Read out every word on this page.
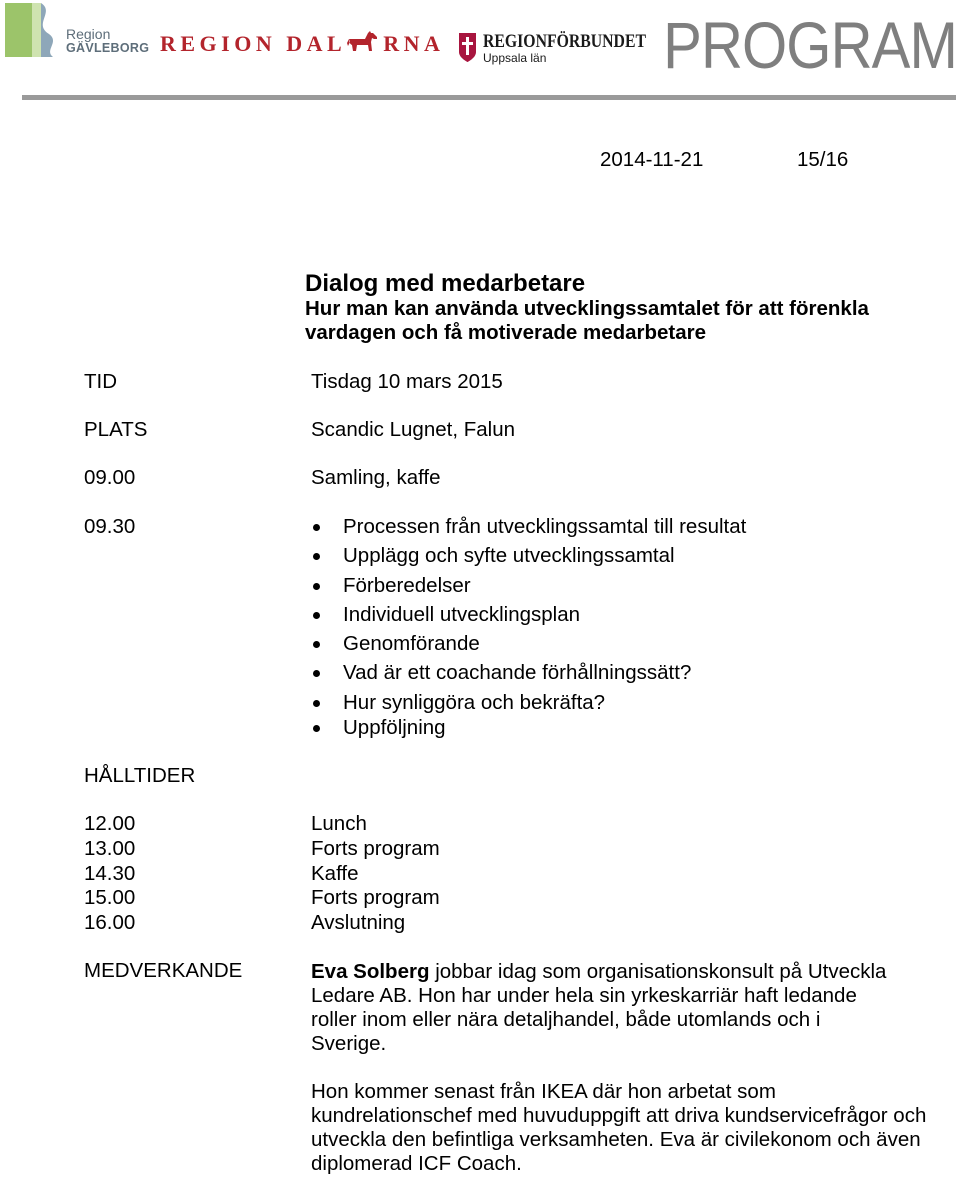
Region
GÄVLEBORG REGION DAL RNA REGIONFÖRBUNDET
Uppsala län PROGRAM
2014-11-21	15/16
Dialog med medarbetare
Hur man kan använda utvecklingssamtalet för att förenkla
vardagen och få motiverade medarbetare
TID	Tisdag 10 mars 2015
PLATS	Scandic Lugnet, Falun
09.00	Samling, kaffe
09.30	Processen från utvecklingssamtal till resultat
Upplägg och syfte utvecklingssamtal
Förberedelser
Individuell utvecklingsplan
Genomförande
Vad är ett coachande förhållningssätt?
Hur synliggöra och bekräfta?
Uppföljning
HÅLLTIDER
12.00	Lunch
13.00	Forts program
14.30	Kaffe
15.00	Forts program
16.00	Avslutning
MEDVERKANDE	Eva Solberg jobbar idag som organisationskonsult på Utveckla
Ledare AB. Hon har under hela sin yrkeskarriär haft ledande
roller inom eller nära detaljhandel, både utomlands och i
Sverige.
Hon kommer senast från IKEA där hon arbetat som
kundrelationschef med huvuduppgift att driva kundservicefrågor och
utveckla den befintliga verksamheten. Eva är civilekonom och även
diplomerad ICF Coach.
